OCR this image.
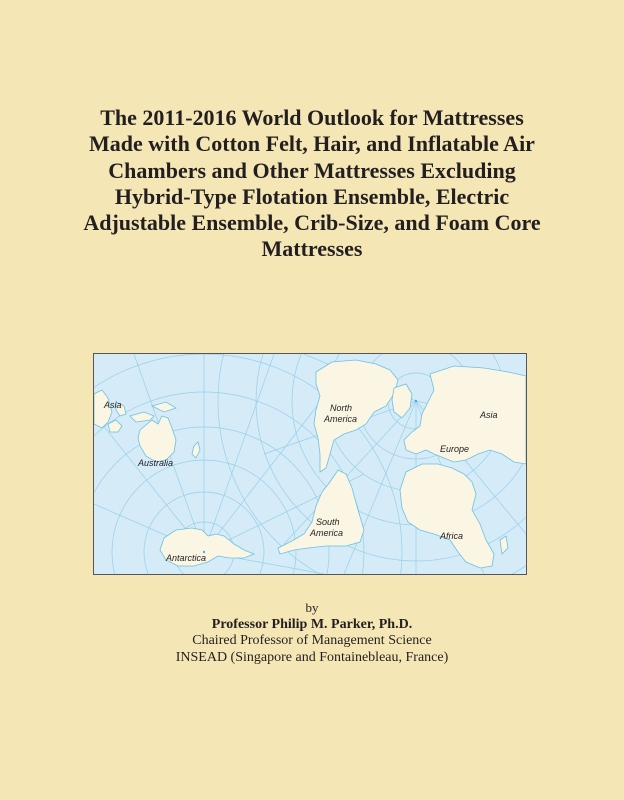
The 2011-2016 World Outlook for Mattresses
Made with Cotton Felt, Hair, and Inflatable Air
Chambers and Other Mattresses Excluding
Hybrid-Type Flotation Ensemble, Electric
Adjustable Ensemble, Crib-Size, and Foam Core
Mattresses
Asia
Australia
Antarctica
North
America
South
America
Asia
Europe
Africa
by
Professor Philip M. Parker, Ph.D.
Chaired Professor of Management Science
INSEAD (Singapore and Fontainebleau, France)
